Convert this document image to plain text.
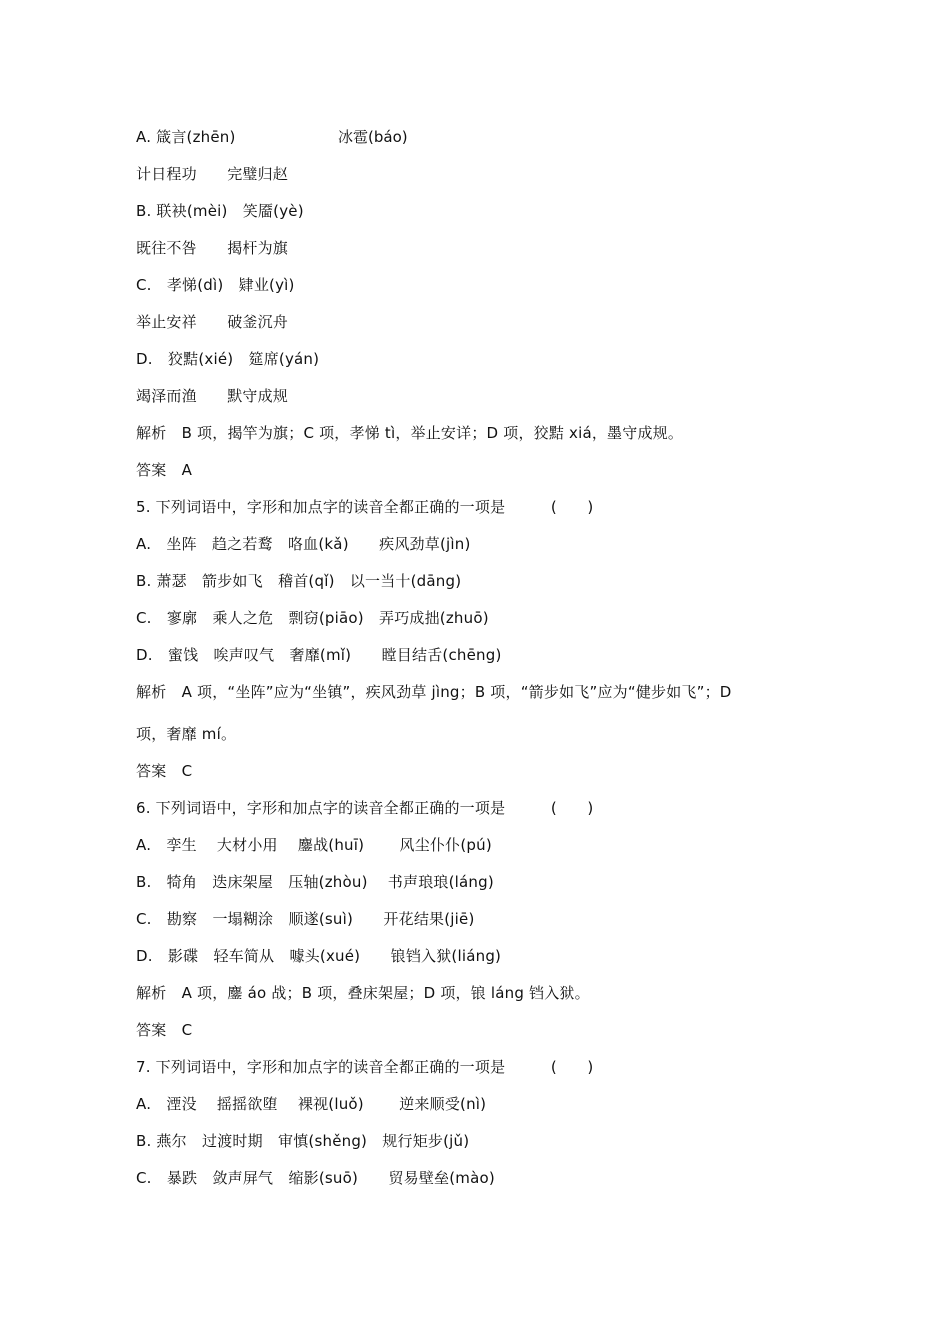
A. 箴言(zhēn)	冰雹(báo)
计日程功　　完璧归赵
B. 联袂(mèi)　笑靥(yè)
既往不咎　　揭杆为旗
C.　孝悌(dì)　肄业(yì)
举止安祥　　破釜沉舟
D.　狡黠(xié)　筵席(yán)
竭泽而渔　　默守成规
解析　B 项，揭竿为旗；C 项，孝悌 tì，举止安详；D 项，狡黠 xiá，墨守成规。
答案　A
5. 下列词语中，字形和加点字的读音全都正确的一项是　　　(　　)
A.　坐阵　趋之若鹜　咯血(kǎ)　　疾风劲草(jìn)
B. 萧瑟　箭步如飞　稽首(qǐ)　以一当十(dāng)
C.　寥廓　乘人之危　剽窃(piāo)　弄巧成拙(zhuō)
D.　蜜饯　唉声叹气　奢靡(mǐ)　　瞠目结舌(chēng)
解析　A 项，“坐阵”应为“坐镇”，疾风劲草 jìng；B 项，“箭步如飞”应为“健步如飞”；D
项，奢靡 mí。
答案　C
6. 下列词语中，字形和加点字的读音全都正确的一项是　　　(　　)
A.　孪生　 大材小用　 鏖战(huī)　　 风尘仆仆(pú)
B.　犄角　迭床架屋　压轴(zhòu)　 书声琅琅(láng)
C.　勘察　一塌糊涂　顺遂(suì)　　开花结果(jiē)
D.　影碟　轻车简从　噱头(xué)　　锒铛入狱(liáng)
解析　A 项，鏖 áo 战；B 项，叠床架屋；D 项，锒 láng 铛入狱。
答案　C
7. 下列词语中，字形和加点字的读音全都正确的一项是　　　(　　)
A.　湮没　 摇摇欲堕　 裸视(luǒ)　　 逆来顺受(nì)
B. 燕尔　过渡时期　审慎(shěng)　规行矩步(jǔ)
C.　暴跌　敛声屏气　缩影(suō)　　贸易壁垒(mào)
